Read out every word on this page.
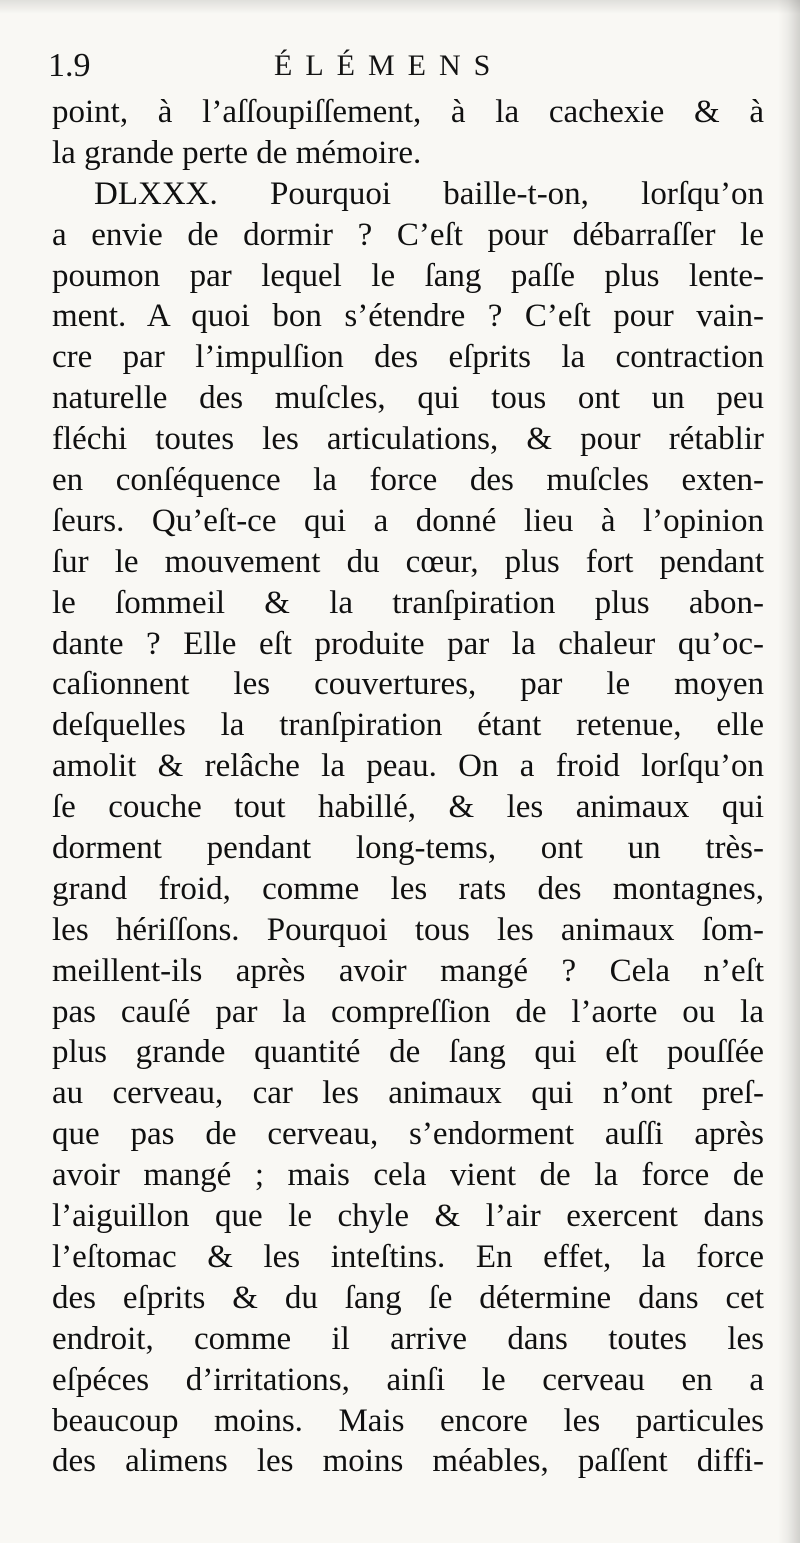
1.9	ÉLÉMENS
point, à l’aſſoupiſſement, à la cachexie & à
la grande perte de mémoire.
DLXXX. Pourquoi baille-t-on, lorſqu’on
a envie de dormir ? C’eſt pour débarraſſer le
poumon par lequel le ſang paſſe plus lente-
ment. A quoi bon s’étendre ? C’eſt pour vain-
cre par l’impulſion des eſprits la contraction
naturelle des muſcles, qui tous ont un peu
fléchi toutes les articulations, & pour rétablir
en conſéquence la force des muſcles exten-
ſeurs. Qu’eſt-ce qui a donné lieu à l’opinion
ſur le mouvement du cœur, plus fort pendant
le ſommeil & la tranſpiration plus abon-
dante ? Elle eſt produite par la chaleur qu’oc-
caſionnent les couvertures, par le moyen
deſquelles la tranſpiration étant retenue, elle
amolit & relâche la peau. On a froid lorſqu’on
ſe couche tout habillé, & les animaux qui
dorment pendant long-tems, ont un très-
grand froid, comme les rats des montagnes,
les hériſſons. Pourquoi tous les animaux ſom-
meillent-ils après avoir mangé ? Cela n’eſt
pas cauſé par la compreſſion de l’aorte ou la
plus grande quantité de ſang qui eſt pouſſée
au cerveau, car les animaux qui n’ont preſ-
que pas de cerveau, s’endorment auſſi après
avoir mangé ; mais cela vient de la force de
l’aiguillon que le chyle & l’air exercent dans
l’eſtomac & les inteſtins. En effet, la force
des eſprits & du ſang ſe détermine dans cet
endroit, comme il arrive dans toutes les
eſpéces d’irritations, ainſi le cerveau en a
beaucoup moins. Mais encore les particules
des alimens les moins méables, paſſent diffi-
